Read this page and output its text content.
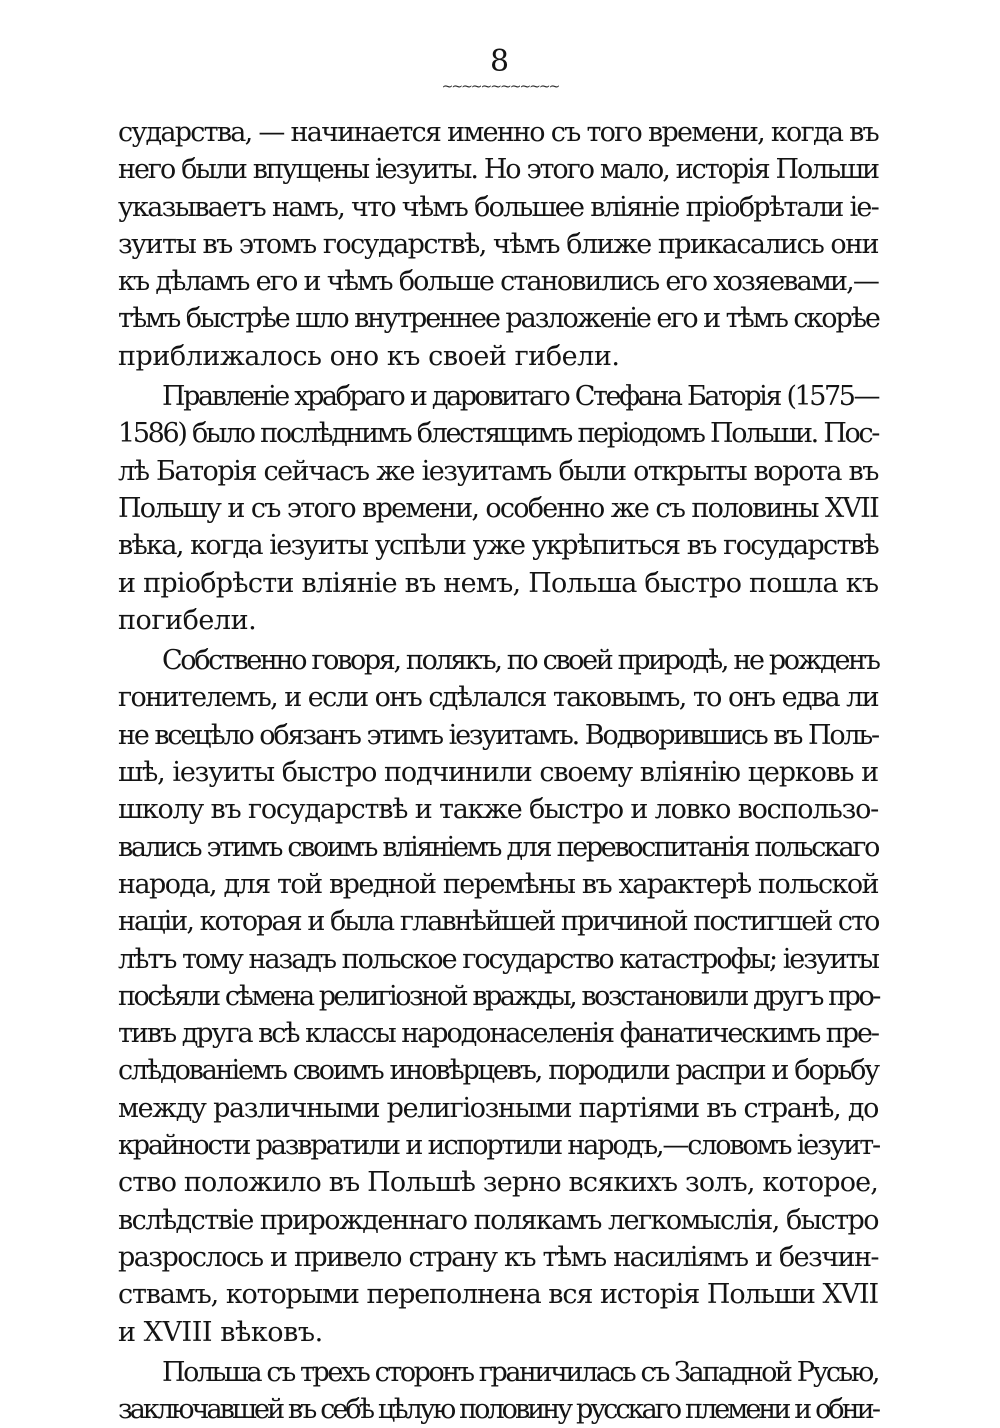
8
~~~~~~~~~~~~
сударства, — начинается именно съ того времени, когда въ
него были впущены iезуиты. Но этого мало, исторiя Польши
указываетъ намъ, что чѣмъ большее влiянiе прiобрѣтали iе-
зуиты въ этомъ государствѣ, чѣмъ ближе прикасались они
къ дѣламъ его и чѣмъ больше становились его хозяевами,—
тѣмъ быстрѣе шло внутреннее разложенiе его и тѣмъ скорѣе
приближалось оно къ своей гибели.
Правленiе храбраго и даровитаго Стефана Баторiя (1575—
1586) было послѣднимъ блестящимъ перiодомъ Польши. Пос-
лѣ Баторiя сейчасъ же iезуитамъ были открыты ворота въ
Польшу и съ этого времени, особенно же съ половины XVII
вѣка, когда iезуиты успѣли уже укрѣпиться въ государствѣ
и прiобрѣсти влiянiе въ немъ, Польша быстро пошла къ
погибели.
Собственно говоря, полякъ, по своей природѣ, не рожденъ
гонителемъ, и если онъ сдѣлался таковымъ, то онъ едва ли
не всецѣло обязанъ этимъ iезуитамъ. Водворившись въ Поль-
шѣ, iезуиты быстро подчинили своему влiянiю церковь и
школу въ государствѣ и также быстро и ловко воспользо-
вались этимъ своимъ влiянiемъ для перевоспитанiя польскаго
народа, для той вредной перемѣны въ характерѣ польской
нацiи, которая и была главнѣйшей причиной постигшей сто
лѣтъ тому назадъ польское государство катастрофы; iезуиты
посѣяли сѣмена религiозной вражды, возстановили другъ про-
тивъ друга всѣ классы народонаселенiя фанатическимъ пре-
слѣдованiемъ своимъ иновѣрцевъ, породили распри и борьбу
между различными религiозными партiями въ странѣ, до
крайности развратили и испортили народъ,—словомъ iезуит-
ство положило въ Польшѣ зерно всякихъ золъ, которое,
вслѣдствiе прирожденнаго полякамъ легкомыслiя, быстро
разрослось и привело страну къ тѣмъ насилiямъ и безчин-
ствамъ, которыми переполнена вся исторiя Польши XVII
и XVIII вѣковъ.
Польша съ трехъ сторонъ граничилась съ Западной Русью,
заключавшей въ себѣ цѣлую половину русскаго племени и обни-
